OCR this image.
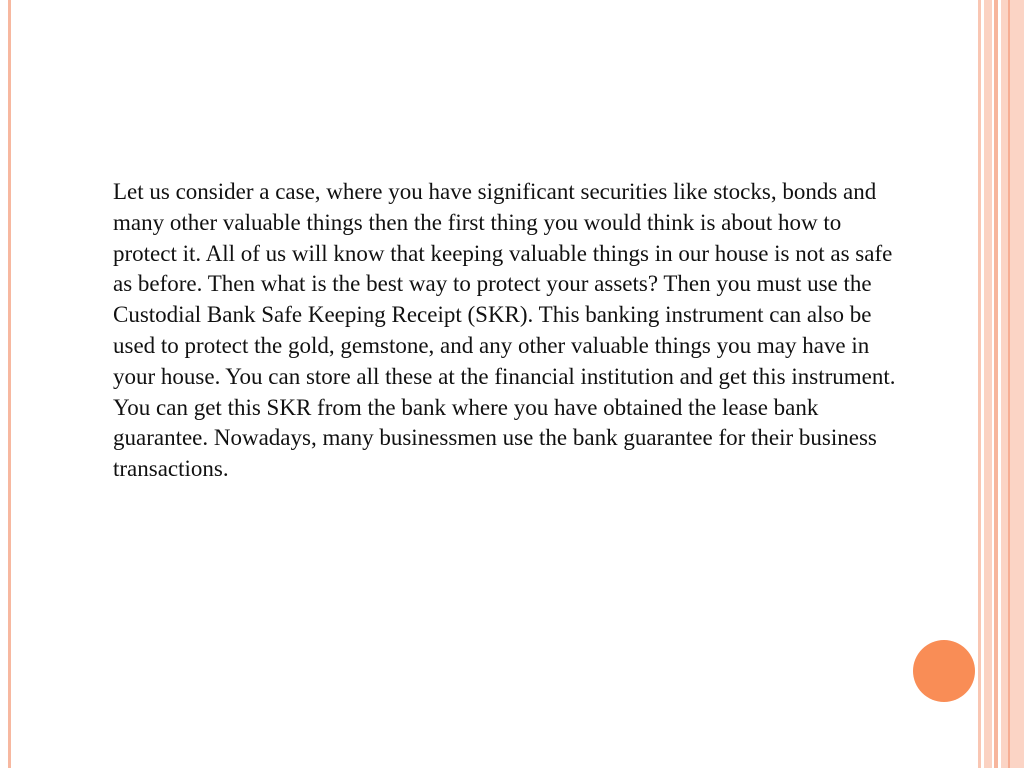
Let us consider a case, where you have significant securities like stocks, bonds and many other valuable things then the first thing you would think is about how to protect it. All of us will know that keeping valuable things in our house is not as safe as before. Then what is the best way to protect your assets? Then you must use the Custodial Bank Safe Keeping Receipt (SKR). This banking instrument can also be used to protect the gold, gemstone, and any other valuable things you may have in your house. You can store all these at the financial institution and get this instrument.

You can get this SKR from the bank where you have obtained the lease bank guarantee. Nowadays, many businessmen use the bank guarantee for their business transactions.
